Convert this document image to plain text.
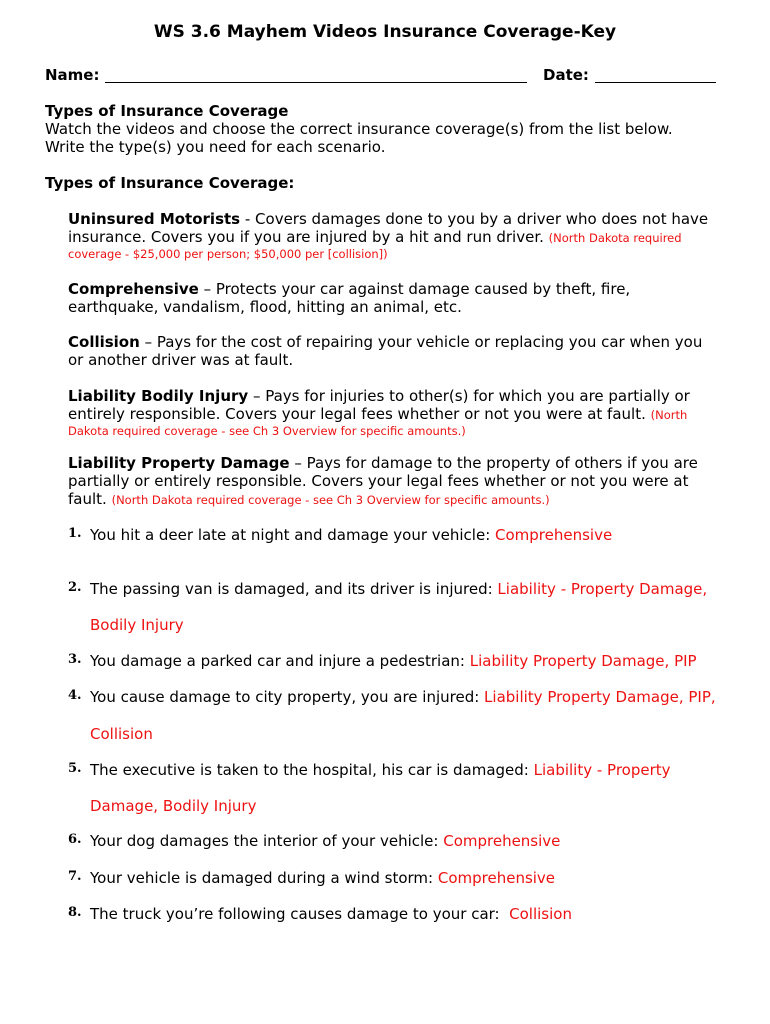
WS 3.6 Mayhem Videos Insurance Coverage-Key
Name:	Date:
Types of Insurance Coverage
Watch the videos and choose the correct insurance coverage(s) from the list below.
Write the type(s) you need for each scenario.
Types of Insurance Coverage:
Uninsured Motorists - Covers damages done to you by a driver who does not have
insurance. Covers you if you are injured by a hit and run driver. (North Dakota required
coverage - $25,000 per person; $50,000 per [collision])
Comprehensive – Protects your car against damage caused by theft, fire,
earthquake, vandalism, flood, hitting an animal, etc.
Collision – Pays for the cost of repairing your vehicle or replacing you car when you
or another driver was at fault.
Liability Bodily Injury – Pays for injuries to other(s) for which you are partially or
entirely responsible. Covers your legal fees whether or not you were at fault. (North
Dakota required coverage - see Ch 3 Overview for specific amounts.)
Liability Property Damage – Pays for damage to the property of others if you are
partially or entirely responsible. Covers your legal fees whether or not you were at
fault. (North Dakota required coverage - see Ch 3 Overview for specific amounts.)
1. You hit a deer late at night and damage your vehicle: Comprehensive
2. The passing van is damaged, and its driver is injured: Liability - Property Damage,
Bodily Injury
3. You damage a parked car and injure a pedestrian: Liability Property Damage, PIP
4. You cause damage to city property, you are injured: Liability Property Damage, PIP,
Collision
5. The executive is taken to the hospital, his car is damaged: Liability - Property
Damage, Bodily Injury
6. Your dog damages the interior of your vehicle: Comprehensive
7. Your vehicle is damaged during a wind storm: Comprehensive
8. The truck you’re following causes damage to your car:  Collision
